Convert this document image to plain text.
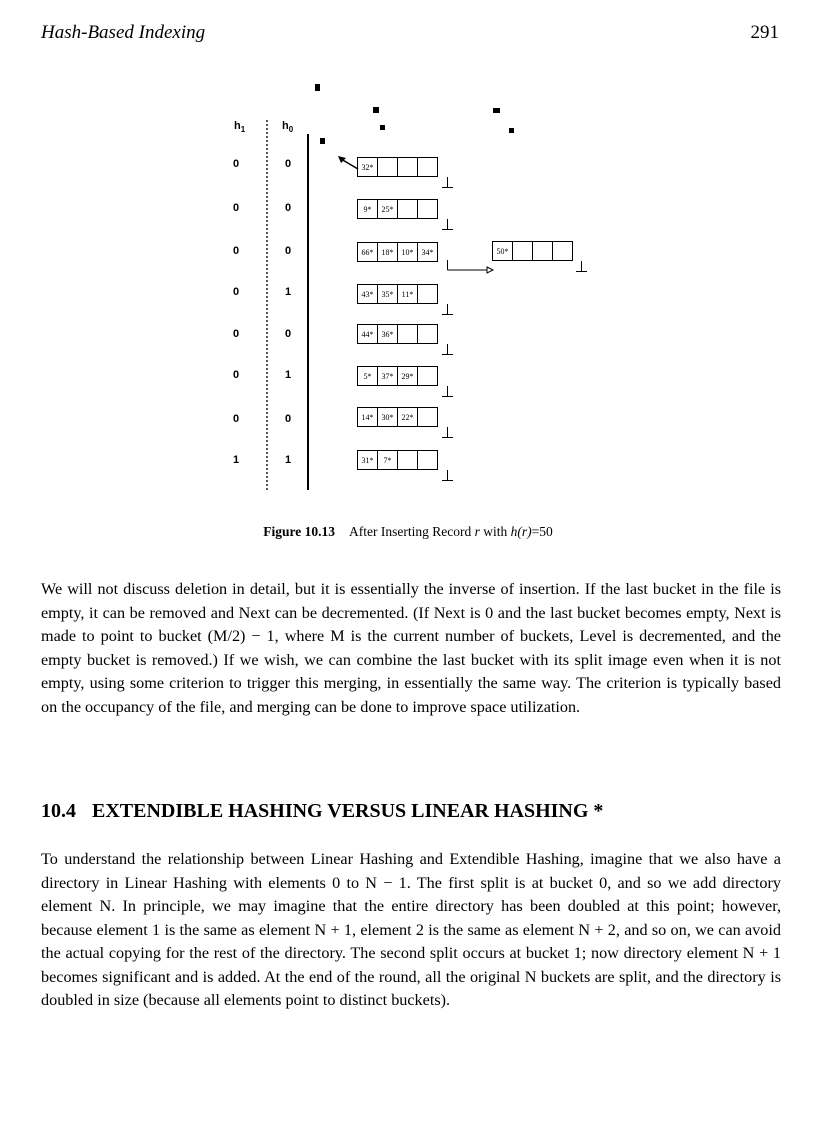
Hash-Based Indexing	291
$h_1$	$h_0$
0	0	32*
0	0	9*	25*
0	0	66*	18*	10*	34*	50*
0	1	43*	35*	11*
0	0	44*	36*
0	1	5*	37*	29*
0	0	14*	30*	22*
1	1	31*	7*
Figure 10.13 After Inserting Record r with h(r)=50

We will not discuss deletion in detail, but it is essentially the inverse of insertion. If the last bucket in the file is empty, it can be removed and Next can be decremented. (If Next is 0 and the last bucket becomes empty, Next is made to point to bucket (M/2) − 1, where M is the current number of buckets, Level is decremented, and the empty bucket is removed.) If we wish, we can combine the last bucket with its split image even when it is not empty, using some criterion to trigger this merging, in essentially the same way. The criterion is typically based on the occupancy of the file, and merging can be done to improve space utilization.

10.4 EXTENDIBLE HASHING VERSUS LINEAR HASHING *

To understand the relationship between Linear Hashing and Extendible Hashing, imagine that we also have a directory in Linear Hashing with elements 0 to N − 1. The first split is at bucket 0, and so we add directory element N. In principle, we may imagine that the entire directory has been doubled at this point; however, because element 1 is the same as element N + 1, element 2 is the same as element N + 2, and so on, we can avoid the actual copying for the rest of the directory. The second split occurs at bucket 1; now directory element N + 1 becomes significant and is added. At the end of the round, all the original N buckets are split, and the directory is doubled in size (because all elements point to distinct buckets).
